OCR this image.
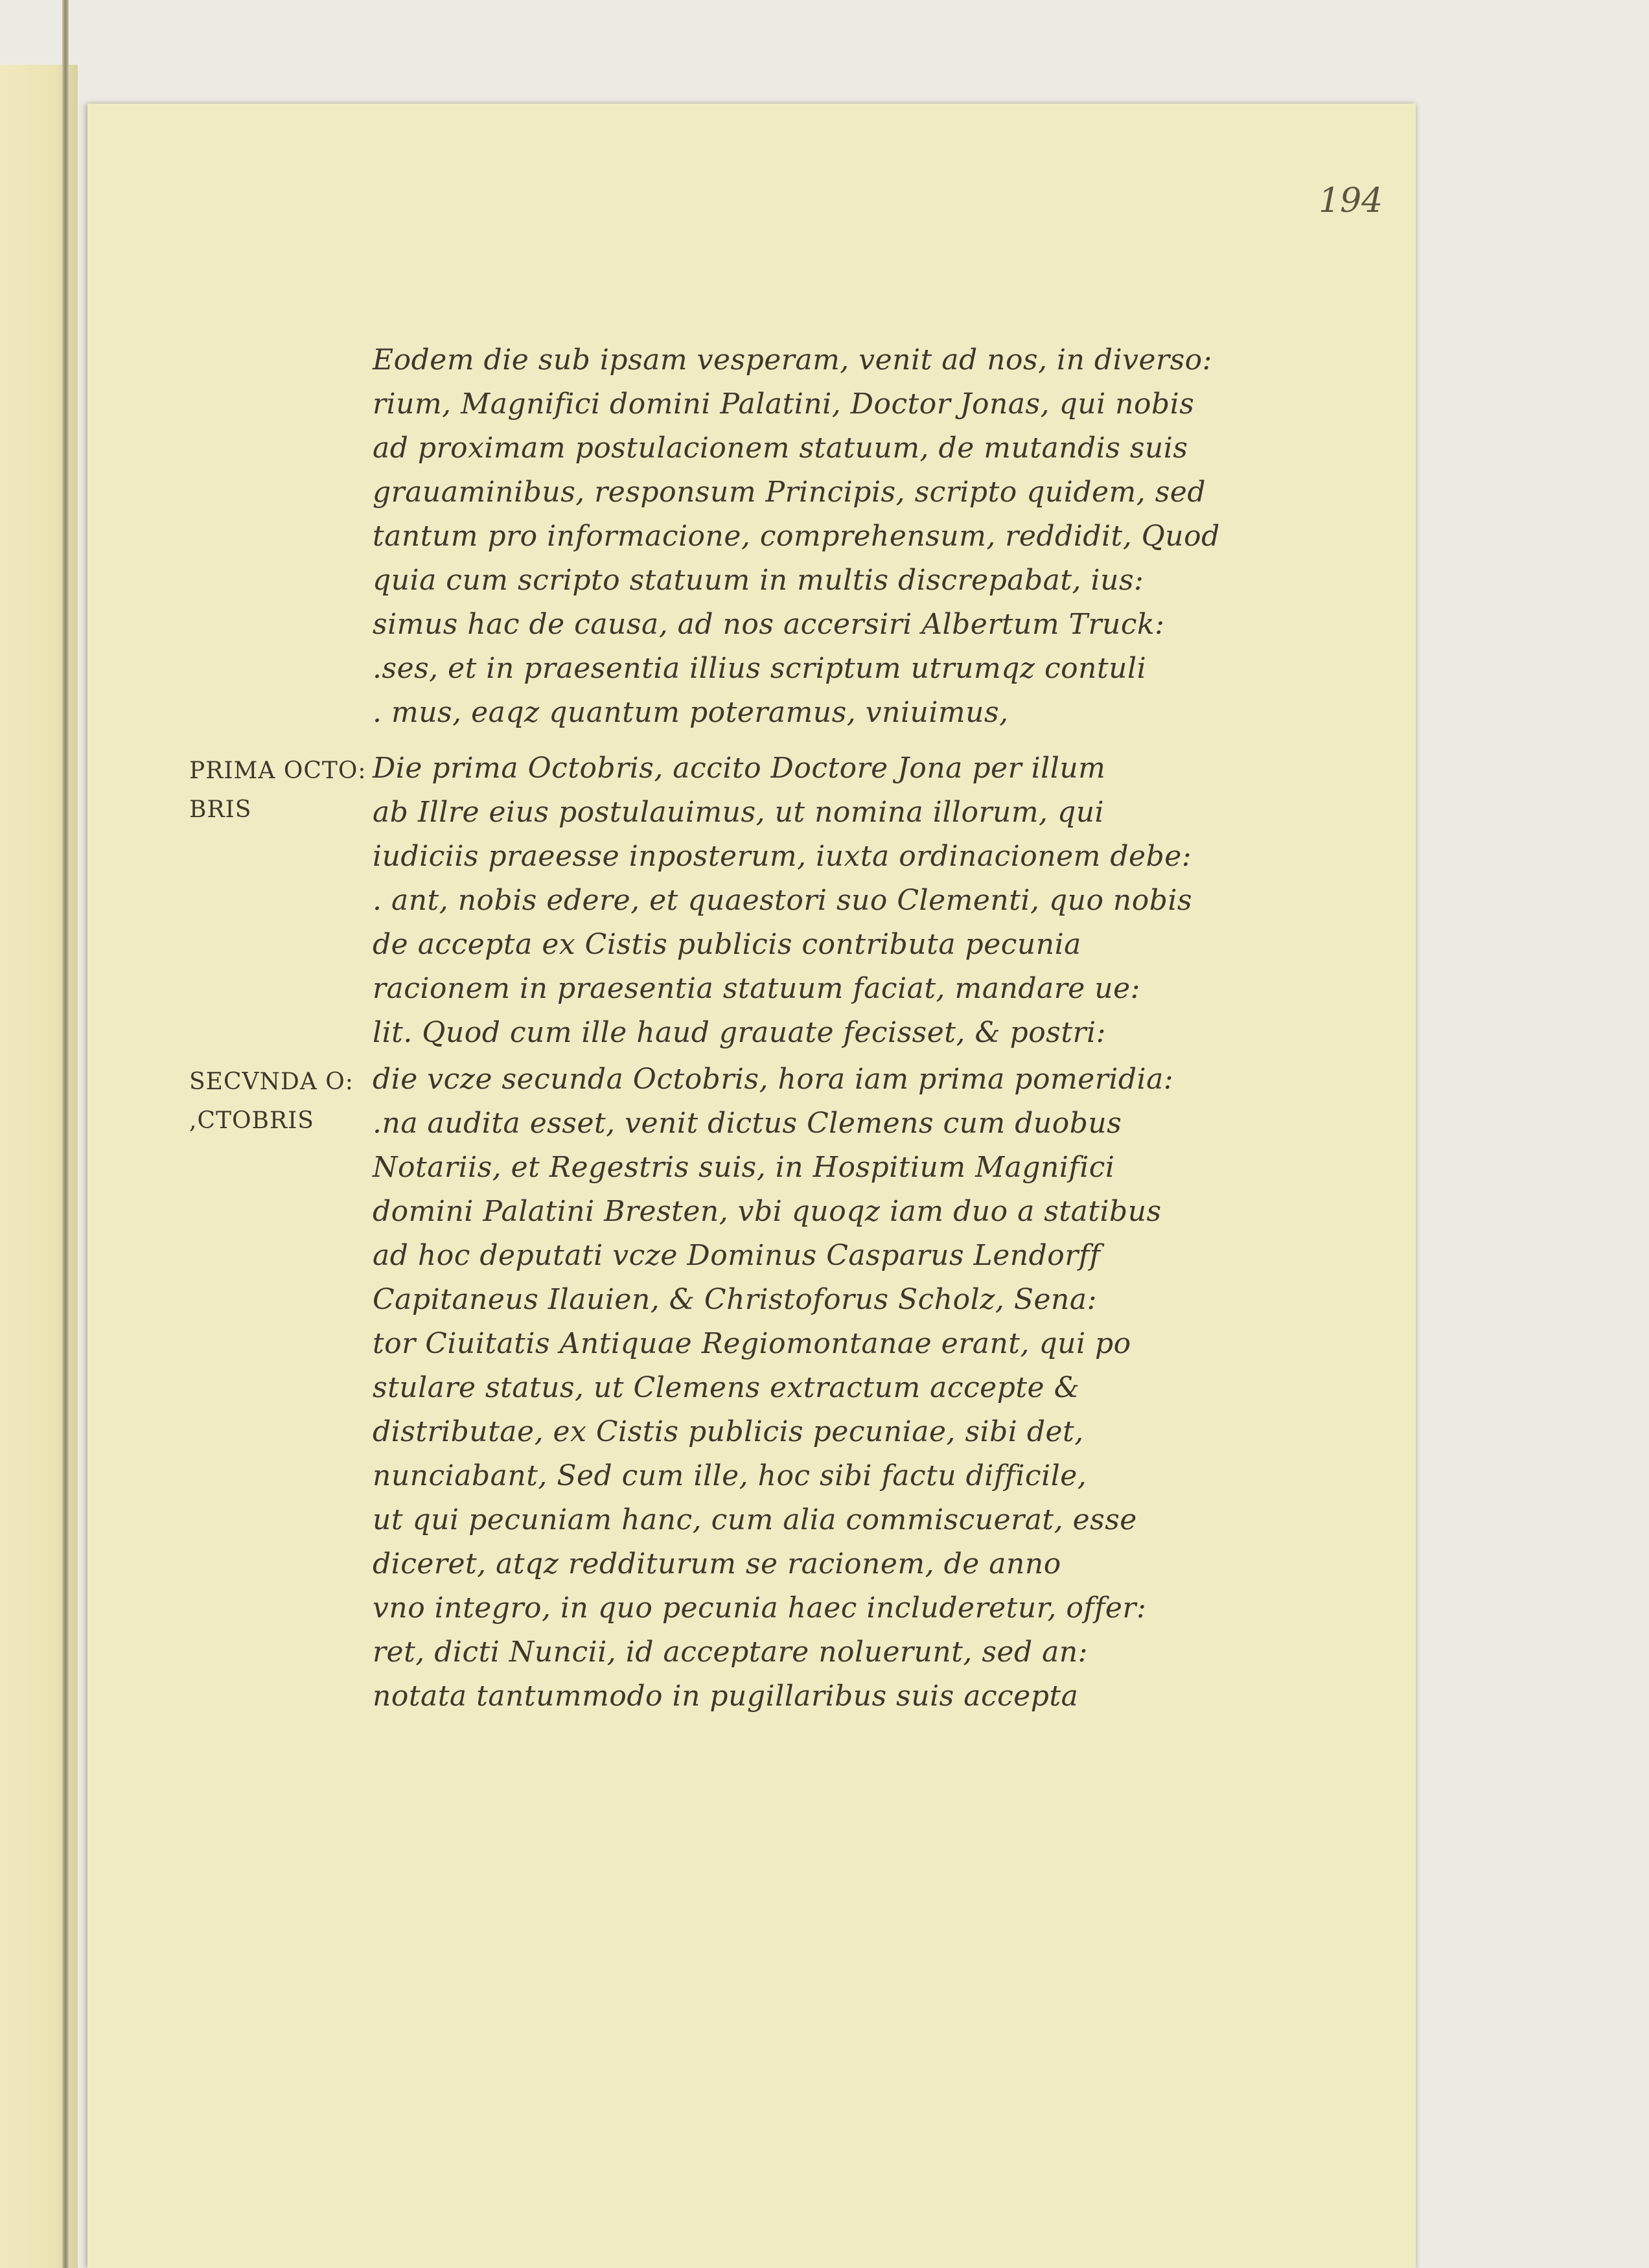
194
PRIMA OCTO:
BRIS
SECVNDA O:
,CTOBRIS
Eodem die sub ipsam vesperam, venit ad nos, in diverso:
rium, Magnifici domini Palatini, Doctor Jonas, qui nobis
ad proximam postulacionem statuum, de mutandis suis
grauaminibus, responsum Principis, scripto quidem, sed
tantum pro informacione, comprehensum, reddidit, Quod
quia cum scripto statuum in multis discrepabat, ius:
simus hac de causa, ad nos accersiri Albertum Truck:
.ses, et in praesentia illius scriptum utrumqz contuli
. mus, eaqz quantum poteramus, vniuimus,
Die prima Octobris, accito Doctore Jona per illum
ab Illre eius postulauimus, ut nomina illorum, qui
iudiciis praeesse inposterum, iuxta ordinacionem debe:
. ant, nobis edere, et quaestori suo Clementi, quo nobis
de accepta ex Cistis publicis contributa pecunia
racionem in praesentia statuum faciat, mandare ue:
lit. Quod cum ille haud grauate fecisset, & postri:
die vcze secunda Octobris, hora iam prima pomeridia:
.na audita esset, venit dictus Clemens cum duobus
Notariis, et Regestris suis, in Hospitium Magnifici
domini Palatini Bresten, vbi quoqz iam duo a statibus
ad hoc deputati vcze Dominus Casparus Lendorff
Capitaneus Ilauien, & Christoforus Scholz, Sena:
tor Ciuitatis Antiquae Regiomontanae erant, qui po
stulare status, ut Clemens extractum accepte &
distributae, ex Cistis publicis pecuniae, sibi det,
nunciabant, Sed cum ille, hoc sibi factu difficile,
ut qui pecuniam hanc, cum alia commiscuerat, esse
diceret, atqz redditurum se racionem, de anno
vno integro, in quo pecunia haec includeretur, offer:
ret, dicti Nuncii, id acceptare noluerunt, sed an:
notata tantummodo in pugillaribus suis accepta
